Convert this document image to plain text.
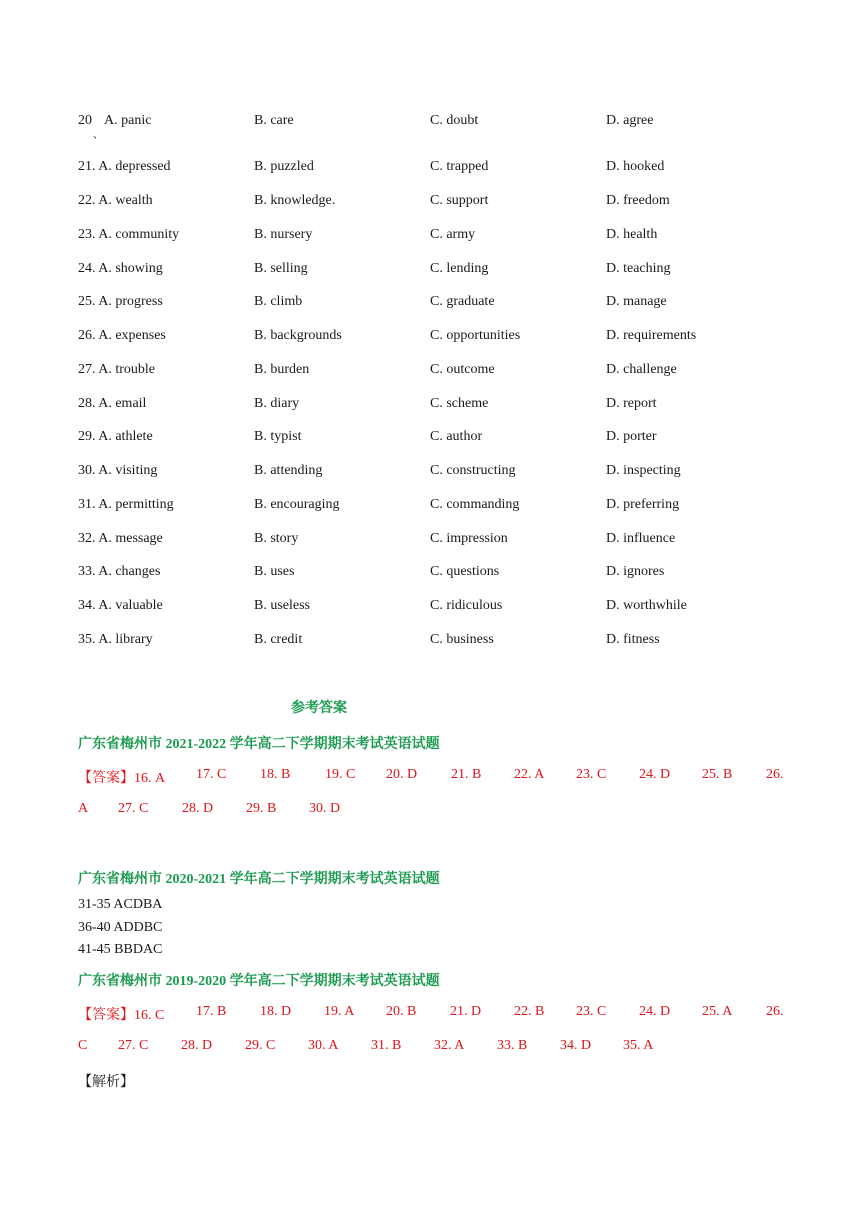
20
、
A. panic	B. care	C. doubt	D. agree
21. A. depressed	B. puzzled	C. trapped	D. hooked
22. A. wealth	B. knowledge.	C. support	D. freedom
23. A. community	B. nursery	C. army	D. health
24. A. showing	B. selling	C. lending	D. teaching
25. A. progress	B. climb	C. graduate	D. manage
26. A. expenses	B. backgrounds	C. opportunities	D. requirements
27. A. trouble	B. burden	C. outcome	D. challenge
28. A. email	B. diary	C. scheme	D. report
29. A. athlete	B. typist	C. author	D. porter
30. A. visiting	B. attending	C. constructing	D. inspecting
31. A. permitting	B. encouraging	C. commanding	D. preferring
32. A. message	B. story	C. impression	D. influence
33. A. changes	B. uses	C. questions	D. ignores
34. A. valuable	B. useless	C. ridiculous	D. worthwhile
35. A. library	B. credit	C. business	D. fitness
参考答案
广东省梅州市 2021-2022 学年高二下学期期末考试英语试题
【答案】16. A 17. C 18. B 19. C 20. D 21. B 22. A 23. C 24. D 25. B 26.
A 27. C 28. D 29. B 30. D
广东省梅州市 2020-2021 学年高二下学期期末考试英语试题
31-35 ACDBA
36-40 ADDBC
41-45 BBDAC
广东省梅州市 2019-2020 学年高二下学期期末考试英语试题
【答案】16. C 17. B 18. D 19. A 20. B 21. D 22. B 23. C 24. D 25. A 26.
C 27. C 28. D 29. C 30. A 31. B 32. A 33. B 34. D 35. A
【解析】
